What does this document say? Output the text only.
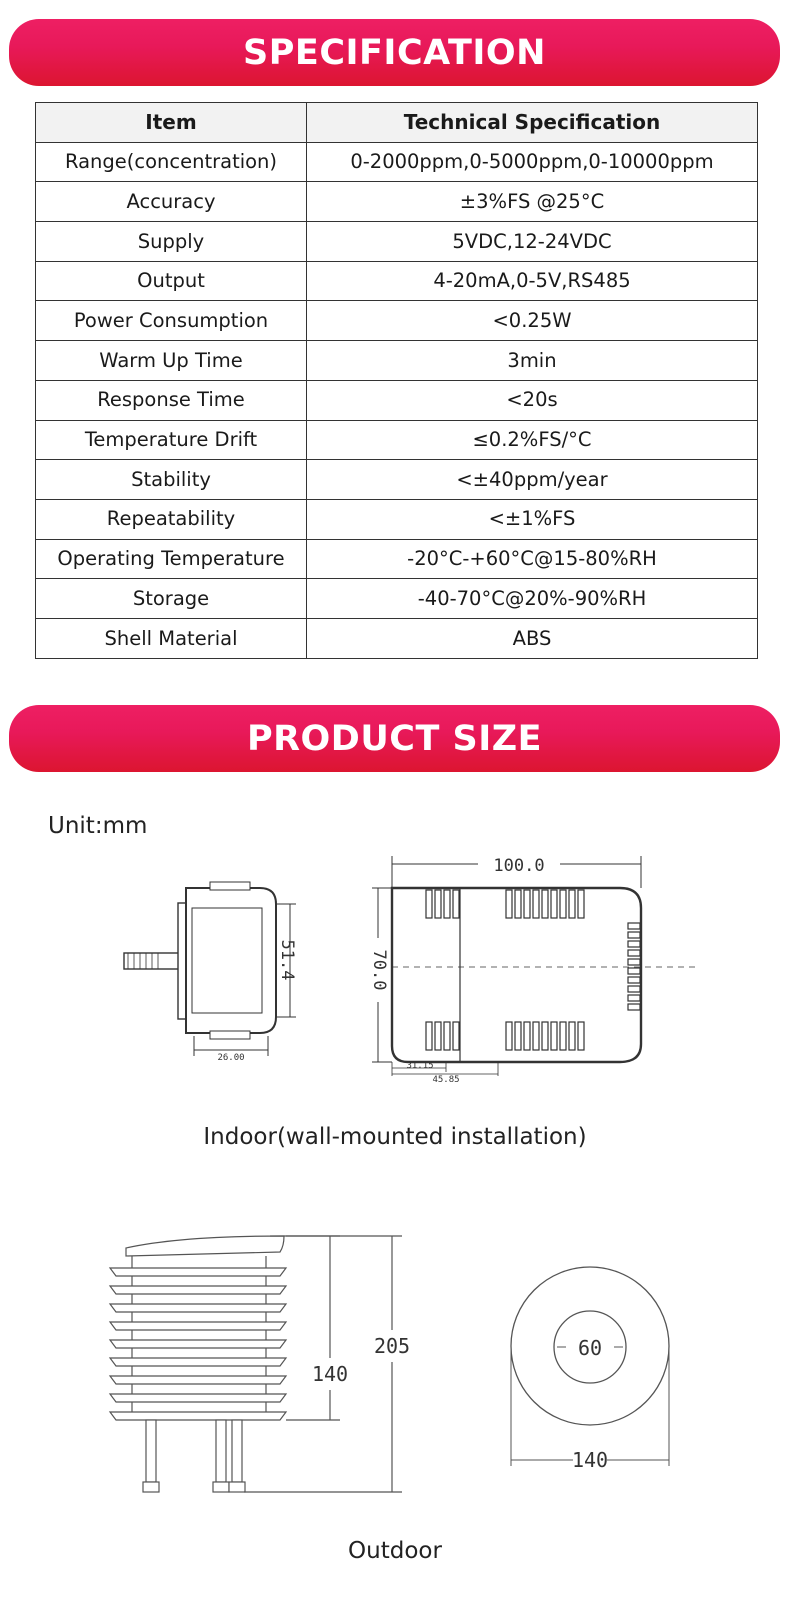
SPECIFICATION
Item	Technical Specification
Range(concentration)	0-2000ppm,0-5000ppm,0-10000ppm
Accuracy	±3%FS @25°C
Supply	5VDC,12-24VDC
Output	4-20mA,0-5V,RS485
Power Consumption	<0.25W
Warm Up Time	3min
Response Time	<20s
Temperature Drift	≤0.2%FS/°C
Stability	<±40ppm/year
Repeatability	<±1%FS
Operating Temperature	-20°C-+60°C@15-80%RH
Storage	-40-70°C@20%-90%RH
Shell Material	ABS
PRODUCT SIZE
Unit:mm
100.0
70.0
51.4
26.00
31.15
45.85
Indoor(wall-mounted installation)
140
205	60
140
Outdoor
